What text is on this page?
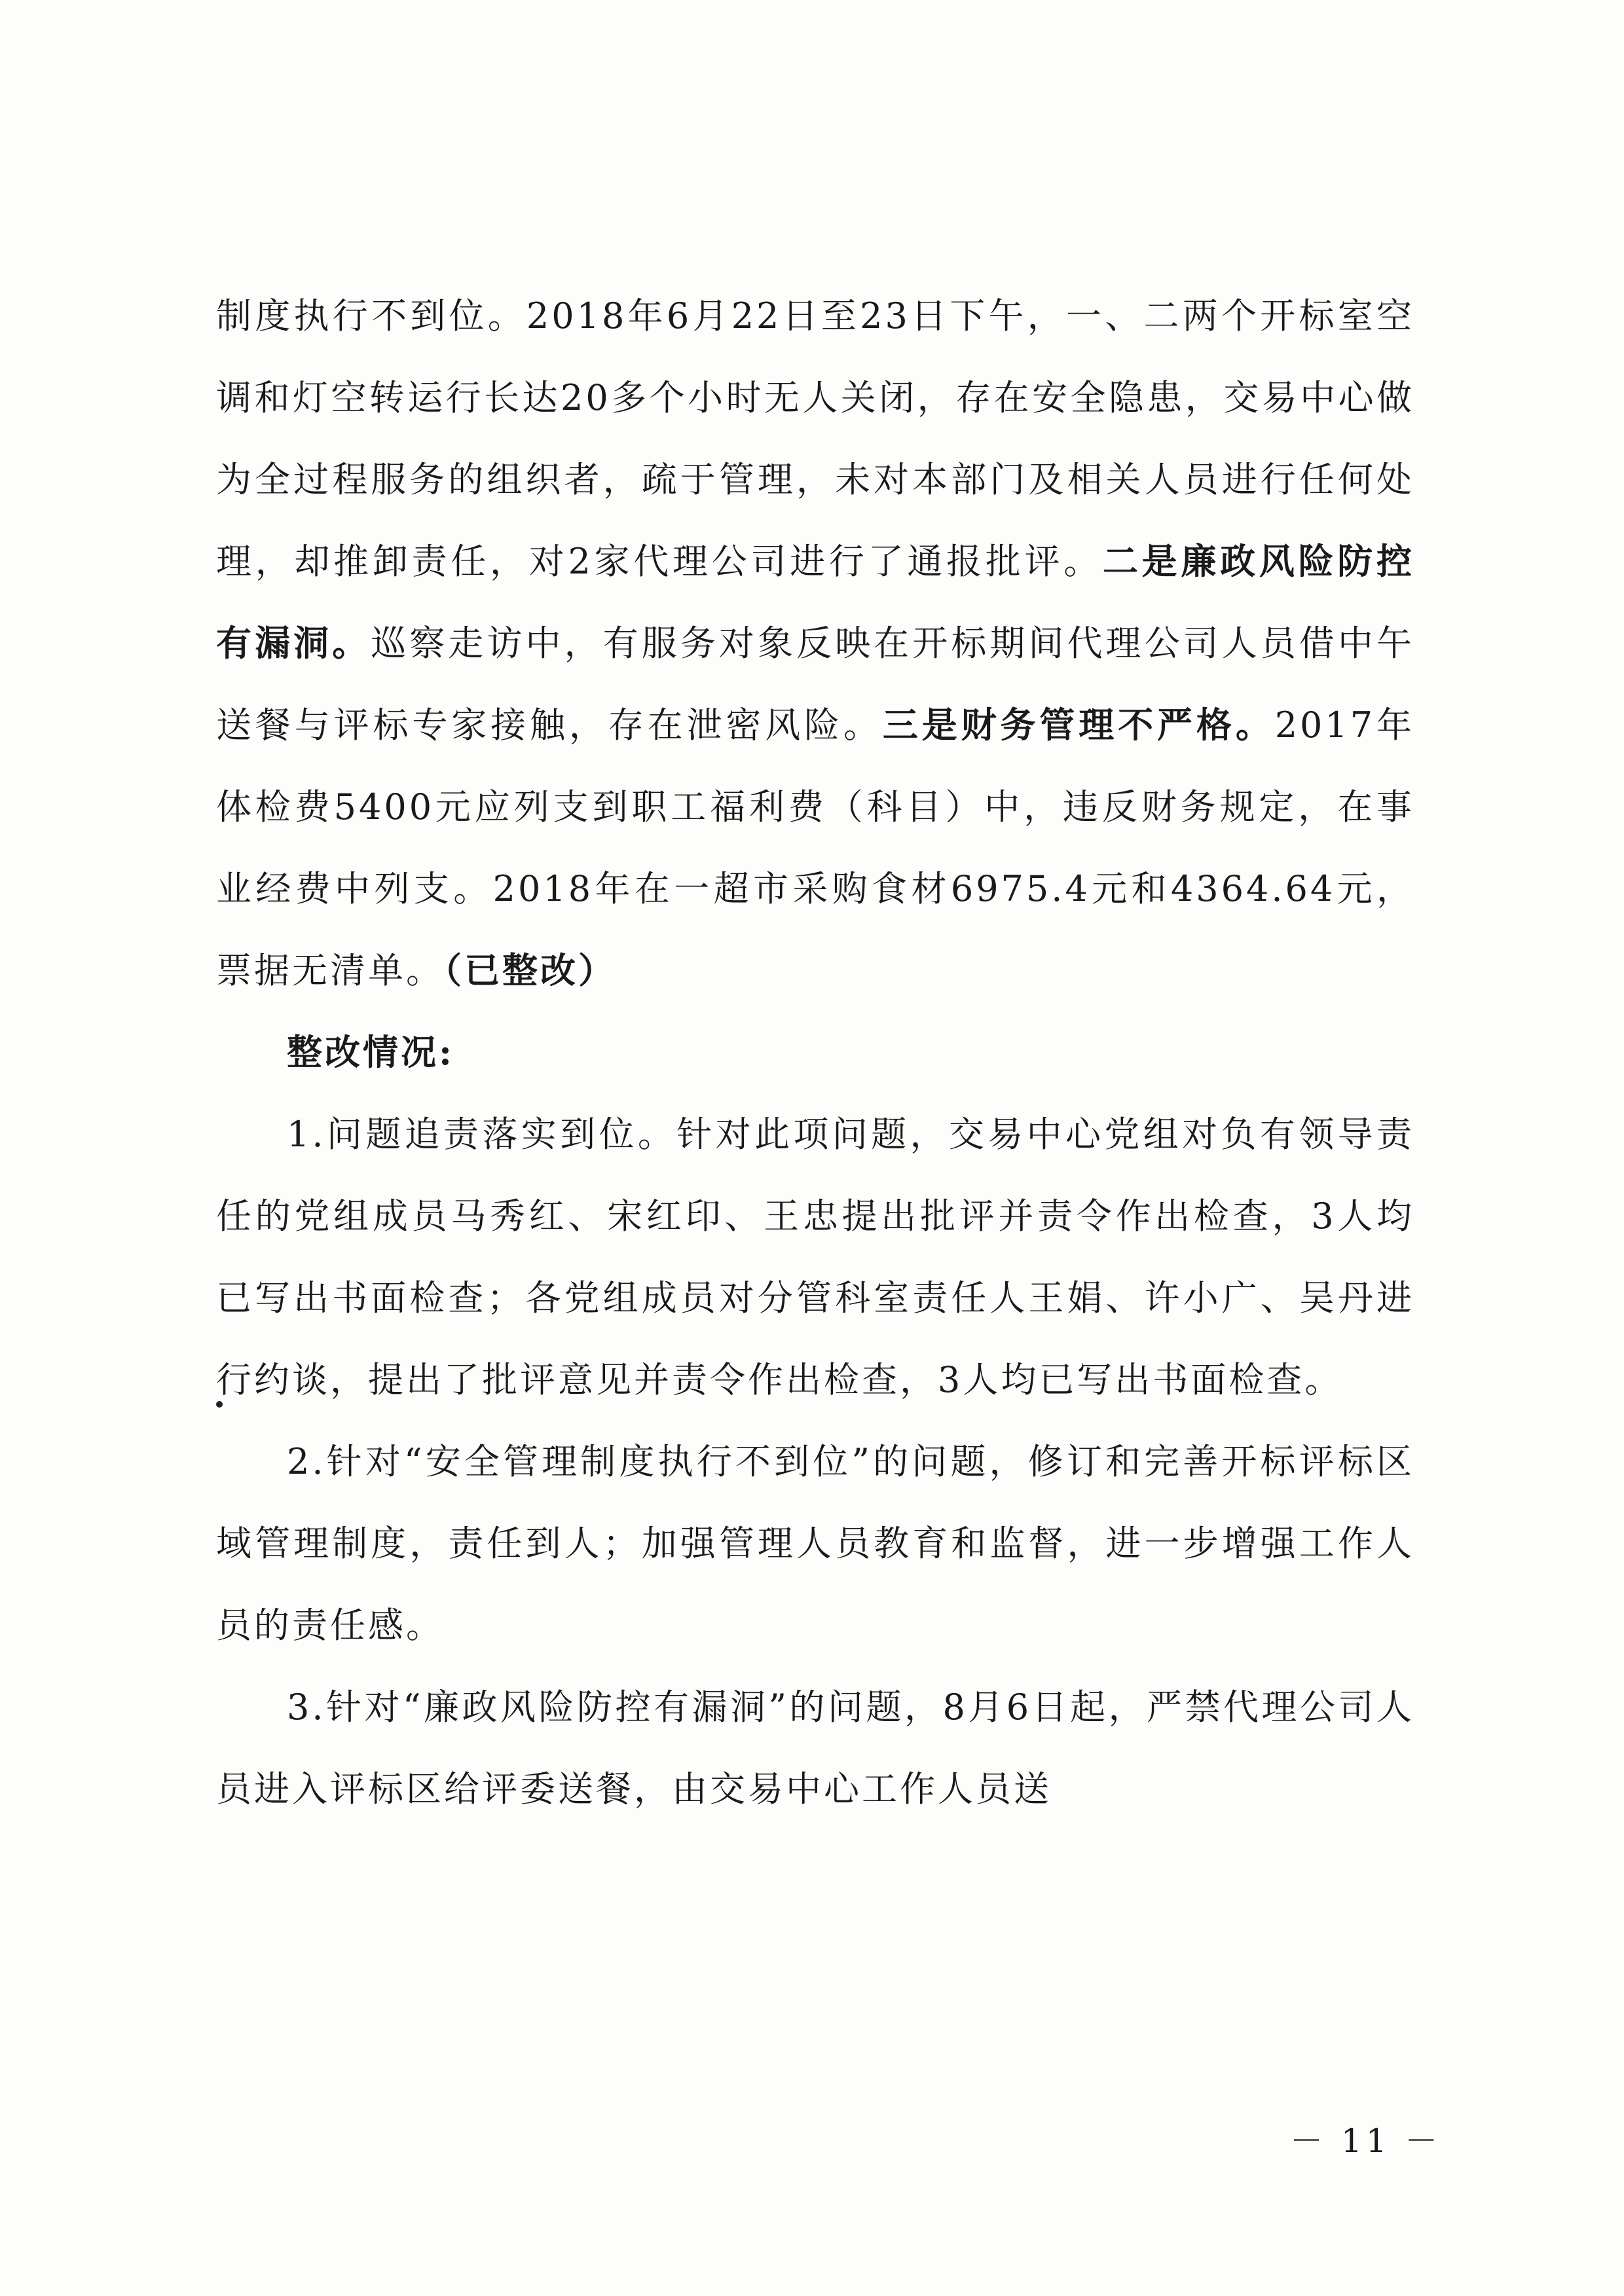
制度执行不到位。2018年6月22日至23日下午，一、二两个开标室空调和灯空转运行长达20多个小时无人关闭，存在安全隐患，交易中心做为全过程服务的组织者，疏于管理，未对本部门及相关人员进行任何处理，却推卸责任，对2家代理公司进行了通报批评。二是廉政风险防控有漏洞。巡察走访中，有服务对象反映在开标期间代理公司人员借中午送餐与评标专家接触，存在泄密风险。三是财务管理不严格。2017年体检费5400元应列支到职工福利费（科目）中，违反财务规定，在事业经费中列支。2018年在一超市采购食材6975.4元和4364.64元，票据无清单。（已整改）

整改情况:

1.问题追责落实到位。针对此项问题，交易中心党组对负有领导责任的党组成员马秀红、宋红印、王忠提出批评并责令作出检查，3人均已写出书面检查；各党组成员对分管科室责任人王娟、许小广、吴丹进行约谈，提出了批评意见并责令作出检查，3人均已写出书面检查。

2.针对“安全管理制度执行不到位”的问题，修订和完善开标评标区域管理制度，责任到人；加强管理人员教育和监督，进一步增强工作人员的责任感。

3.针对“廉政风险防控有漏洞”的问题，8月6日起，严禁代理公司人员进入评标区给评委送餐，由交易中心工作人员送

－ 11 －
